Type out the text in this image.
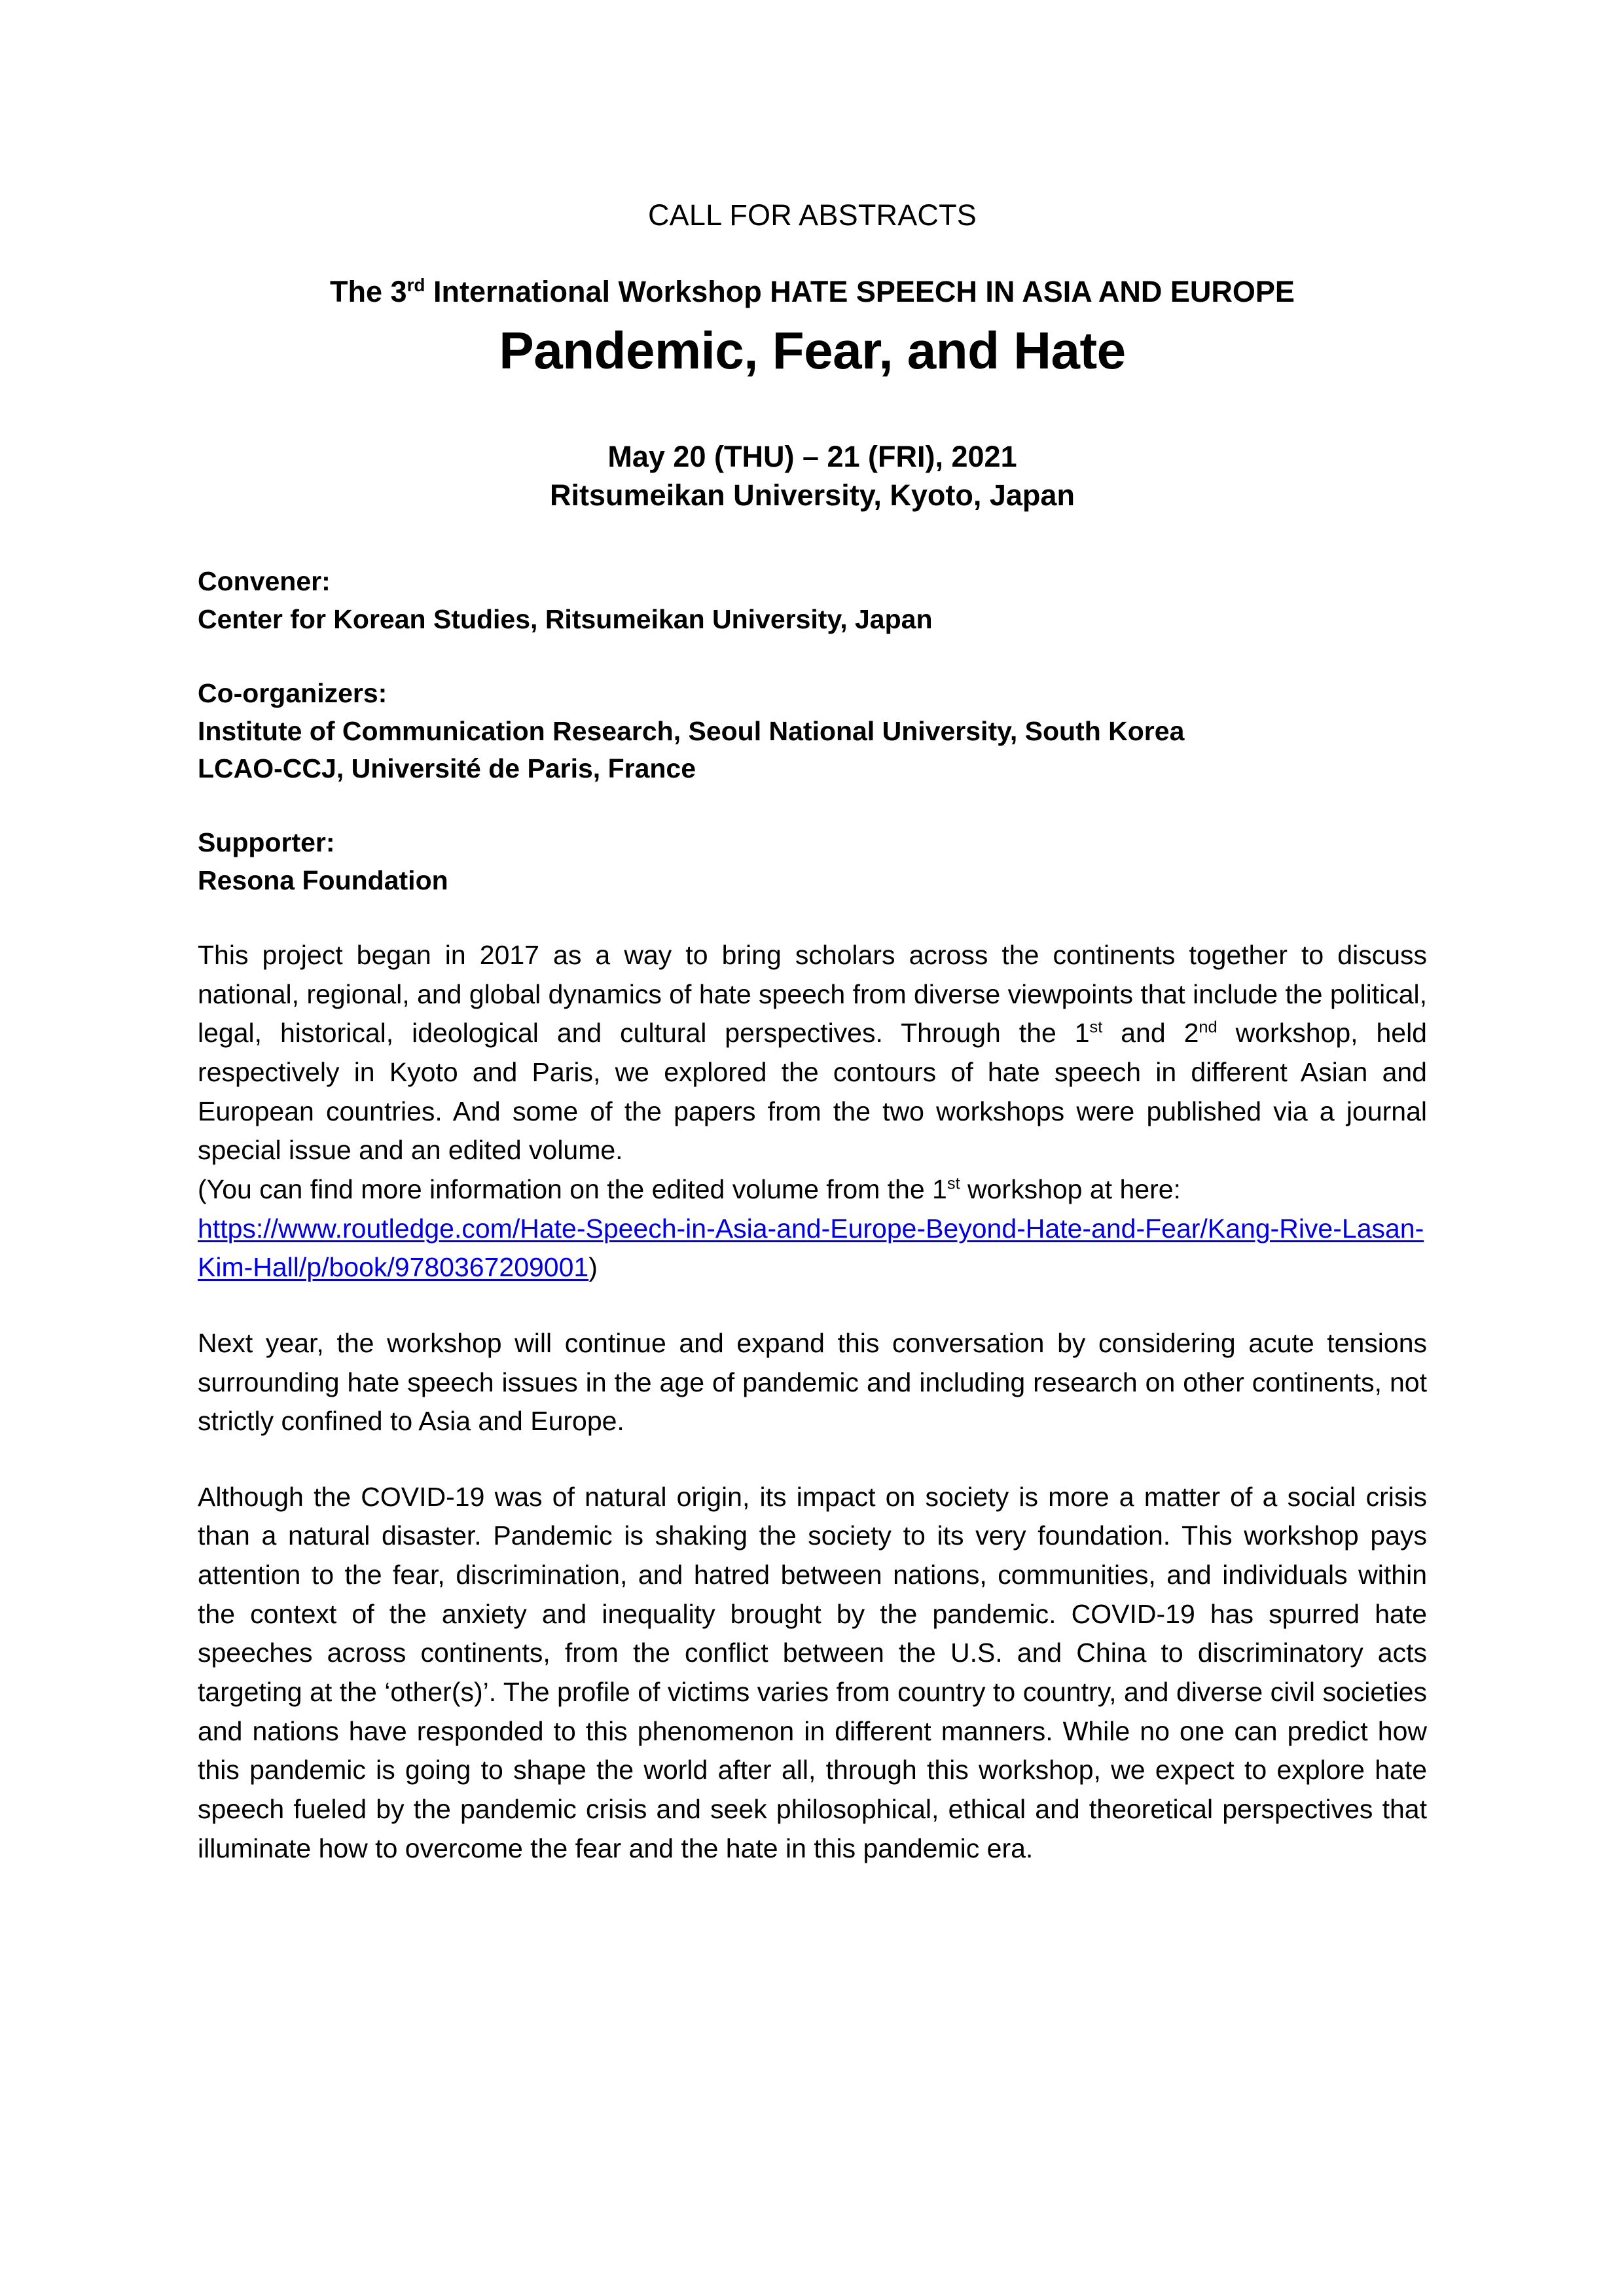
CALL FOR ABSTRACTS
The 3rd International Workshop HATE SPEECH IN ASIA AND EUROPE
Pandemic, Fear, and Hate
May 20 (THU) – 21 (FRI), 2021
Ritsumeikan University, Kyoto, Japan
Convener:
Center for Korean Studies, Ritsumeikan University, Japan
Co-organizers:
Institute of Communication Research, Seoul National University, South Korea
LCAO-CCJ, Université de Paris, France
Supporter:
Resona Foundation

This project began in 2017 as a way to bring scholars across the continents together to discuss national, regional, and global dynamics of hate speech from diverse viewpoints that include the political, legal, historical, ideological and cultural perspectives. Through the 1st and 2nd workshop, held respectively in Kyoto and Paris, we explored the contours of hate speech in different Asian and European countries. And some of the papers from the two workshops were published via a journal special issue and an edited volume.

(You can find more information on the edited volume from the 1st workshop at here:
https://www.routledge.com/Hate-Speech-in-Asia-and-Europe-Beyond-Hate-and-Fear/Kang-Rive-Lasan-Kim-Hall/p/book/9780367209001)

Next year, the workshop will continue and expand this conversation by considering acute tensions surrounding hate speech issues in the age of pandemic and including research on other continents, not strictly confined to Asia and Europe.

Although the COVID-19 was of natural origin, its impact on society is more a matter of a social crisis than a natural disaster. Pandemic is shaking the society to its very foundation. This workshop pays attention to the fear, discrimination, and hatred between nations, communities, and individuals within the context of the anxiety and inequality brought by the pandemic. COVID-19 has spurred hate speeches across continents, from the conflict between the U.S. and China to discriminatory acts targeting at the ‘other(s)’. The profile of victims varies from country to country, and diverse civil societies and nations have responded to this phenomenon in different manners. While no one can predict how this pandemic is going to shape the world after all, through this workshop, we expect to explore hate speech fueled by the pandemic crisis and seek philosophical, ethical and theoretical perspectives that illuminate how to overcome the fear and the hate in this pandemic era.
